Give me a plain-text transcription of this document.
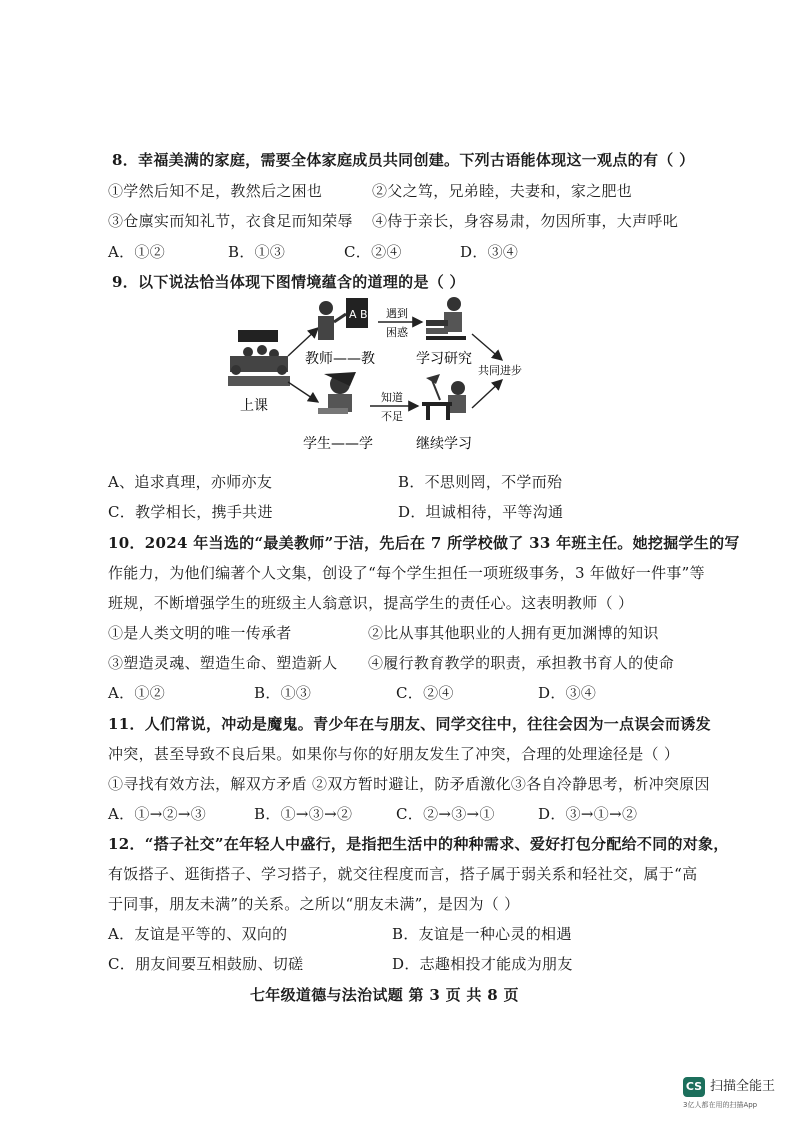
8．幸福美满的家庭，需要全体家庭成员共同创建。下列古语能体现这一观点的有（ ）
①学然后知不足，教然后之困也	②父之笃，兄弟睦，夫妻和，家之肥也
③仓廪实而知礼节，衣食足而知荣辱 ④侍于亲长，身容易肃，勿因所事，大声呼叱
A．①②	B．①③	C．②④	D．③④
9．以下说法恰当体现下图情境蕴含的道理的是（ ）
上课
A B
教师——教
学生——学
遇到
困惑
知道
不足
学习研究
继续学习
共同进步
A、追求真理，亦师亦友	B．不思则罔，不学而殆
C．教学相长，携手共进	D．坦诚相待，平等沟通
10．2024 年当选的“最美教师”于洁，先后在 7 所学校做了 33 年班主任。她挖掘学生的写
作能力，为他们编著个人文集，创设了“每个学生担任一项班级事务，3 年做好一件事”等
班规，不断增强学生的班级主人翁意识，提高学生的责任心。这表明教师（ ）
①是人类文明的唯一传承者	②比从事其他职业的人拥有更加渊博的知识
③塑造灵魂、塑造生命、塑造新人 ④履行教育教学的职责，承担教书育人的使命
A．①②	B．①③	C．②④	D．③④
11．人们常说，冲动是魔鬼。青少年在与朋友、同学交往中，往往会因为一点误会而诱发
冲突，甚至导致不良后果。如果你与你的好朋友发生了冲突，合理的处理途径是（ ）
①寻找有效方法，解双方矛盾 ②双方暂时避让，防矛盾激化③各自冷静思考，析冲突原因
A．①→②→③	B．①→③→②	C．②→③→①	D．③→①→②
12．“搭子社交”在年轻人中盛行，是指把生活中的种种需求、爱好打包分配给不同的对象，
有饭搭子、逛街搭子、学习搭子，就交往程度而言，搭子属于弱关系和轻社交，属于“高
于同事，朋友未满”的关系。之所以“朋友未满”，是因为（ ）
A．友谊是平等的、双向的	B．友谊是一种心灵的相遇
C．朋友间要互相鼓励、切磋	D．志趣相投才能成为朋友
七年级道德与法治试题 第 3 页 共 8 页
CS 扫描全能王
3亿人都在用的扫描App
